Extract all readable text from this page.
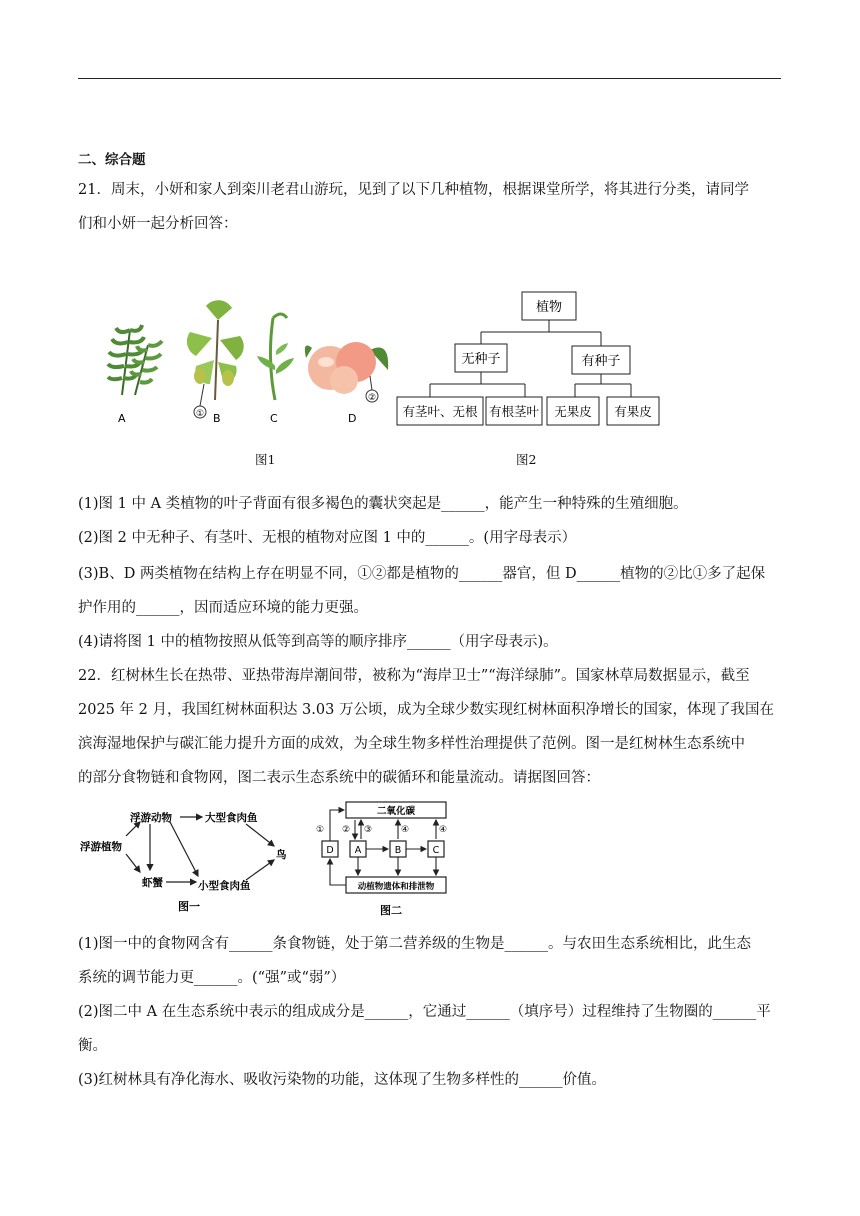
二、综合题
21．周末，小妍和家人到栾川老君山游玩，见到了以下几种植物，根据课堂所学，将其进行分类，请同学
们和小妍一起分析回答：
①
②
A	B	C	D
图1
植物
无种子	有种子
有茎叶、无根 有根茎叶 无果皮 有果皮
图2
(1)图 1 中 A 类植物的叶子背面有很多褐色的囊状突起是______，能产生一种特殊的生殖细胞。
(2)图 2 中无种子、有茎叶、无根的植物对应图 1 中的______。(用字母表示）
(3)B、D 两类植物在结构上存在明显不同，①②都是植物的______器官，但 D______植物的②比①多了起保
护作用的______，因而适应环境的能力更强。
(4)请将图 1 中的植物按照从低等到高等的顺序排序______（用字母表示)。
22．红树林生长在热带、亚热带海岸潮间带，被称为“海岸卫士”“海洋绿肺”。国家林草局数据显示，截至
2025 年 2 月，我国红树林面积达 3.03 万公顷，成为全球少数实现红树林面积净增长的国家，体现了我国在
滨海湿地保护与碳汇能力提升方面的成效，为全球生物多样性治理提供了范例。图一是红树林生态系统中
的部分食物链和食物网，图二表示生态系统中的碳循环和能量流动。请据图回答：
浮游动物
浮游植物
大型食肉鱼
虾蟹	小型食肉鱼
鸟
图一
二氧化碳
动植物遗体和排泄物
D A	B	C
① ② ③	④	④
图二
(1)图一中的食物网含有______条食物链，处于第二营养级的生物是______。与农田生态系统相比，此生态
系统的调节能力更______。(“强”或“弱”）
(2)图二中 A 在生态系统中表示的组成成分是______，它通过______（填序号）过程维持了生物圈的______平
衡。
(3)红树林具有净化海水、吸收污染物的功能，这体现了生物多样性的______价值。
